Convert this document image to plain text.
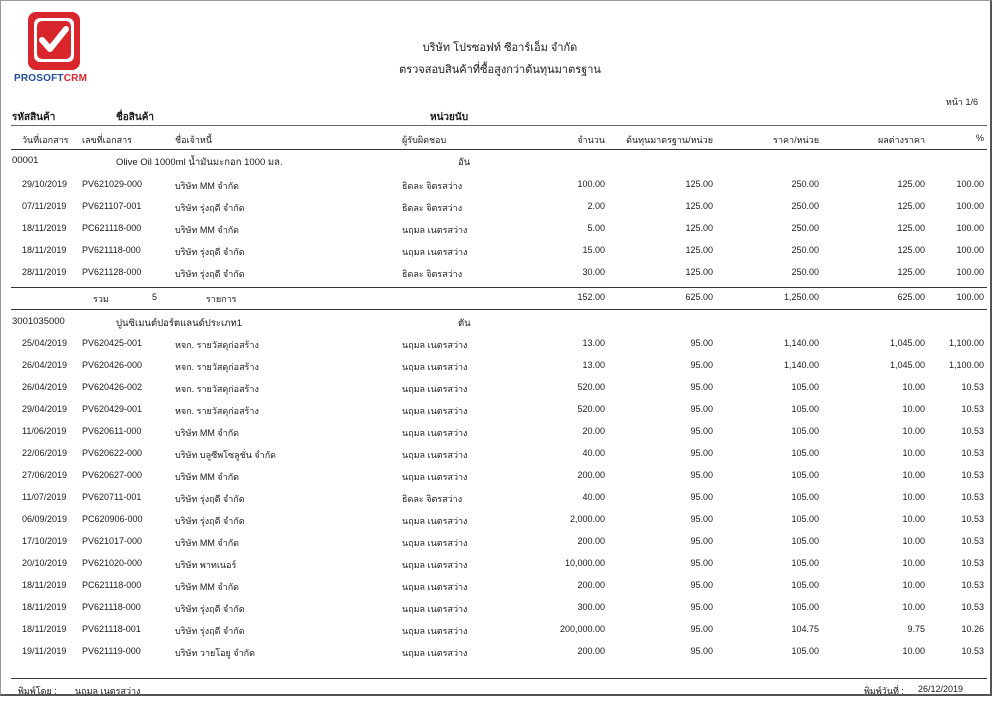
PROSOFTCRM
บริษัท โปรซอฟท์ ซีอาร์เอ็ม จำกัด
ตรวจสอบสินค้าที่ซื้อสูงกว่าต้นทุนมาตรฐาน
หน้า 1/6
รหัสสินค้า	ชื่อสินค้า	หน่วยนับ
วันที่เอกสาร เลขที่เอกสาร	ชื่อเจ้าหนี้	ผู้รับผิดชอบ	จำนวน	ต้นทุนมาตรฐาน/หน่วย	ราคา/หน่วย	ผลต่างราคา	%
00001	Olive Oil 1000ml น้ำมันมะกอก 1000 มล.	อัน
29/10/2019 PV621029-000	บริษัท MM จำกัด	ธิดละ จิตรสว่าง	100.00	125.00	250.00	125.00	100.00
07/11/2019 PV621107-001	บริษัท รุ่งฤดี จำกัด	ธิดละ จิตรสว่าง	2.00	125.00	250.00	125.00	100.00
18/11/2019 PC621118-000	บริษัท MM จำกัด	นฤมล เนตรสว่าง	5.00	125.00	250.00	125.00	100.00
18/11/2019 PV621118-000	บริษัท รุ่งฤดี จำกัด	นฤมล เนตรสว่าง	15.00	125.00	250.00	125.00	100.00
28/11/2019 PV621128-000	บริษัท รุ่งฤดี จำกัด	ธิดละ จิตรสว่าง	30.00	125.00	250.00	125.00	100.00
รวม	5	รายการ	152.00	625.00	1,250.00	625.00	100.00
3001035000	ปูนซิเมนต์ปอร์ตแลนด์ประเภท1	ตัน
25/04/2019 PV620425-001	หจก. รายวัสดุก่อสร้าง	นฤมล เนตรสว่าง	13.00	95.00	1,140.00	1,045.00	1,100.00
26/04/2019 PV620426-000	หจก. รายวัสดุก่อสร้าง	นฤมล เนตรสว่าง	13.00	95.00	1,140.00	1,045.00	1,100.00
26/04/2019 PV620426-002	หจก. รายวัสดุก่อสร้าง	นฤมล เนตรสว่าง	520.00	95.00	105.00	10.00	10.53
29/04/2019 PV620429-001	หจก. รายวัสดุก่อสร้าง	นฤมล เนตรสว่าง	520.00	95.00	105.00	10.00	10.53
11/06/2019 PV620611-000	บริษัท MM จำกัด	นฤมล เนตรสว่าง	20.00	95.00	105.00	10.00	10.53
22/06/2019 PV620622-000	บริษัท บลูซีพโซลูชั่น จำกัด	นฤมล เนตรสว่าง	40.00	95.00	105.00	10.00	10.53
27/06/2019 PV620627-000	บริษัท MM จำกัด	นฤมล เนตรสว่าง	200.00	95.00	105.00	10.00	10.53
11/07/2019 PV620711-001	บริษัท รุ่งฤดี จำกัด	ธิดละ จิตรสว่าง	40.00	95.00	105.00	10.00	10.53
06/09/2019 PC620906-000	บริษัท รุ่งฤดี จำกัด	นฤมล เนตรสว่าง	2,000.00	95.00	105.00	10.00	10.53
17/10/2019 PV621017-000	บริษัท MM จำกัด	นฤมล เนตรสว่าง	200.00	95.00	105.00	10.00	10.53
20/10/2019 PV621020-000	บริษัท พาทเนอร์	นฤมล เนตรสว่าง	10,000.00	95.00	105.00	10.00	10.53
18/11/2019 PC621118-000	บริษัท MM จำกัด	นฤมล เนตรสว่าง	200.00	95.00	105.00	10.00	10.53
18/11/2019 PV621118-000	บริษัท รุ่งฤดี จำกัด	นฤมล เนตรสว่าง	300.00	95.00	105.00	10.00	10.53
18/11/2019 PV621118-001	บริษัท รุ่งฤดี จำกัด	นฤมล เนตรสว่าง	200,000.00	95.00	104.75	9.75	10.26
19/11/2019 PV621119-000	บริษัท วายโอยู จำกัด	นฤมล เนตรสว่าง	200.00	95.00	105.00	10.00	10.53
พิมพ์โดย : นฤมล เนตรสว่าง	พิมพ์วันที่ : 26/12/2019
